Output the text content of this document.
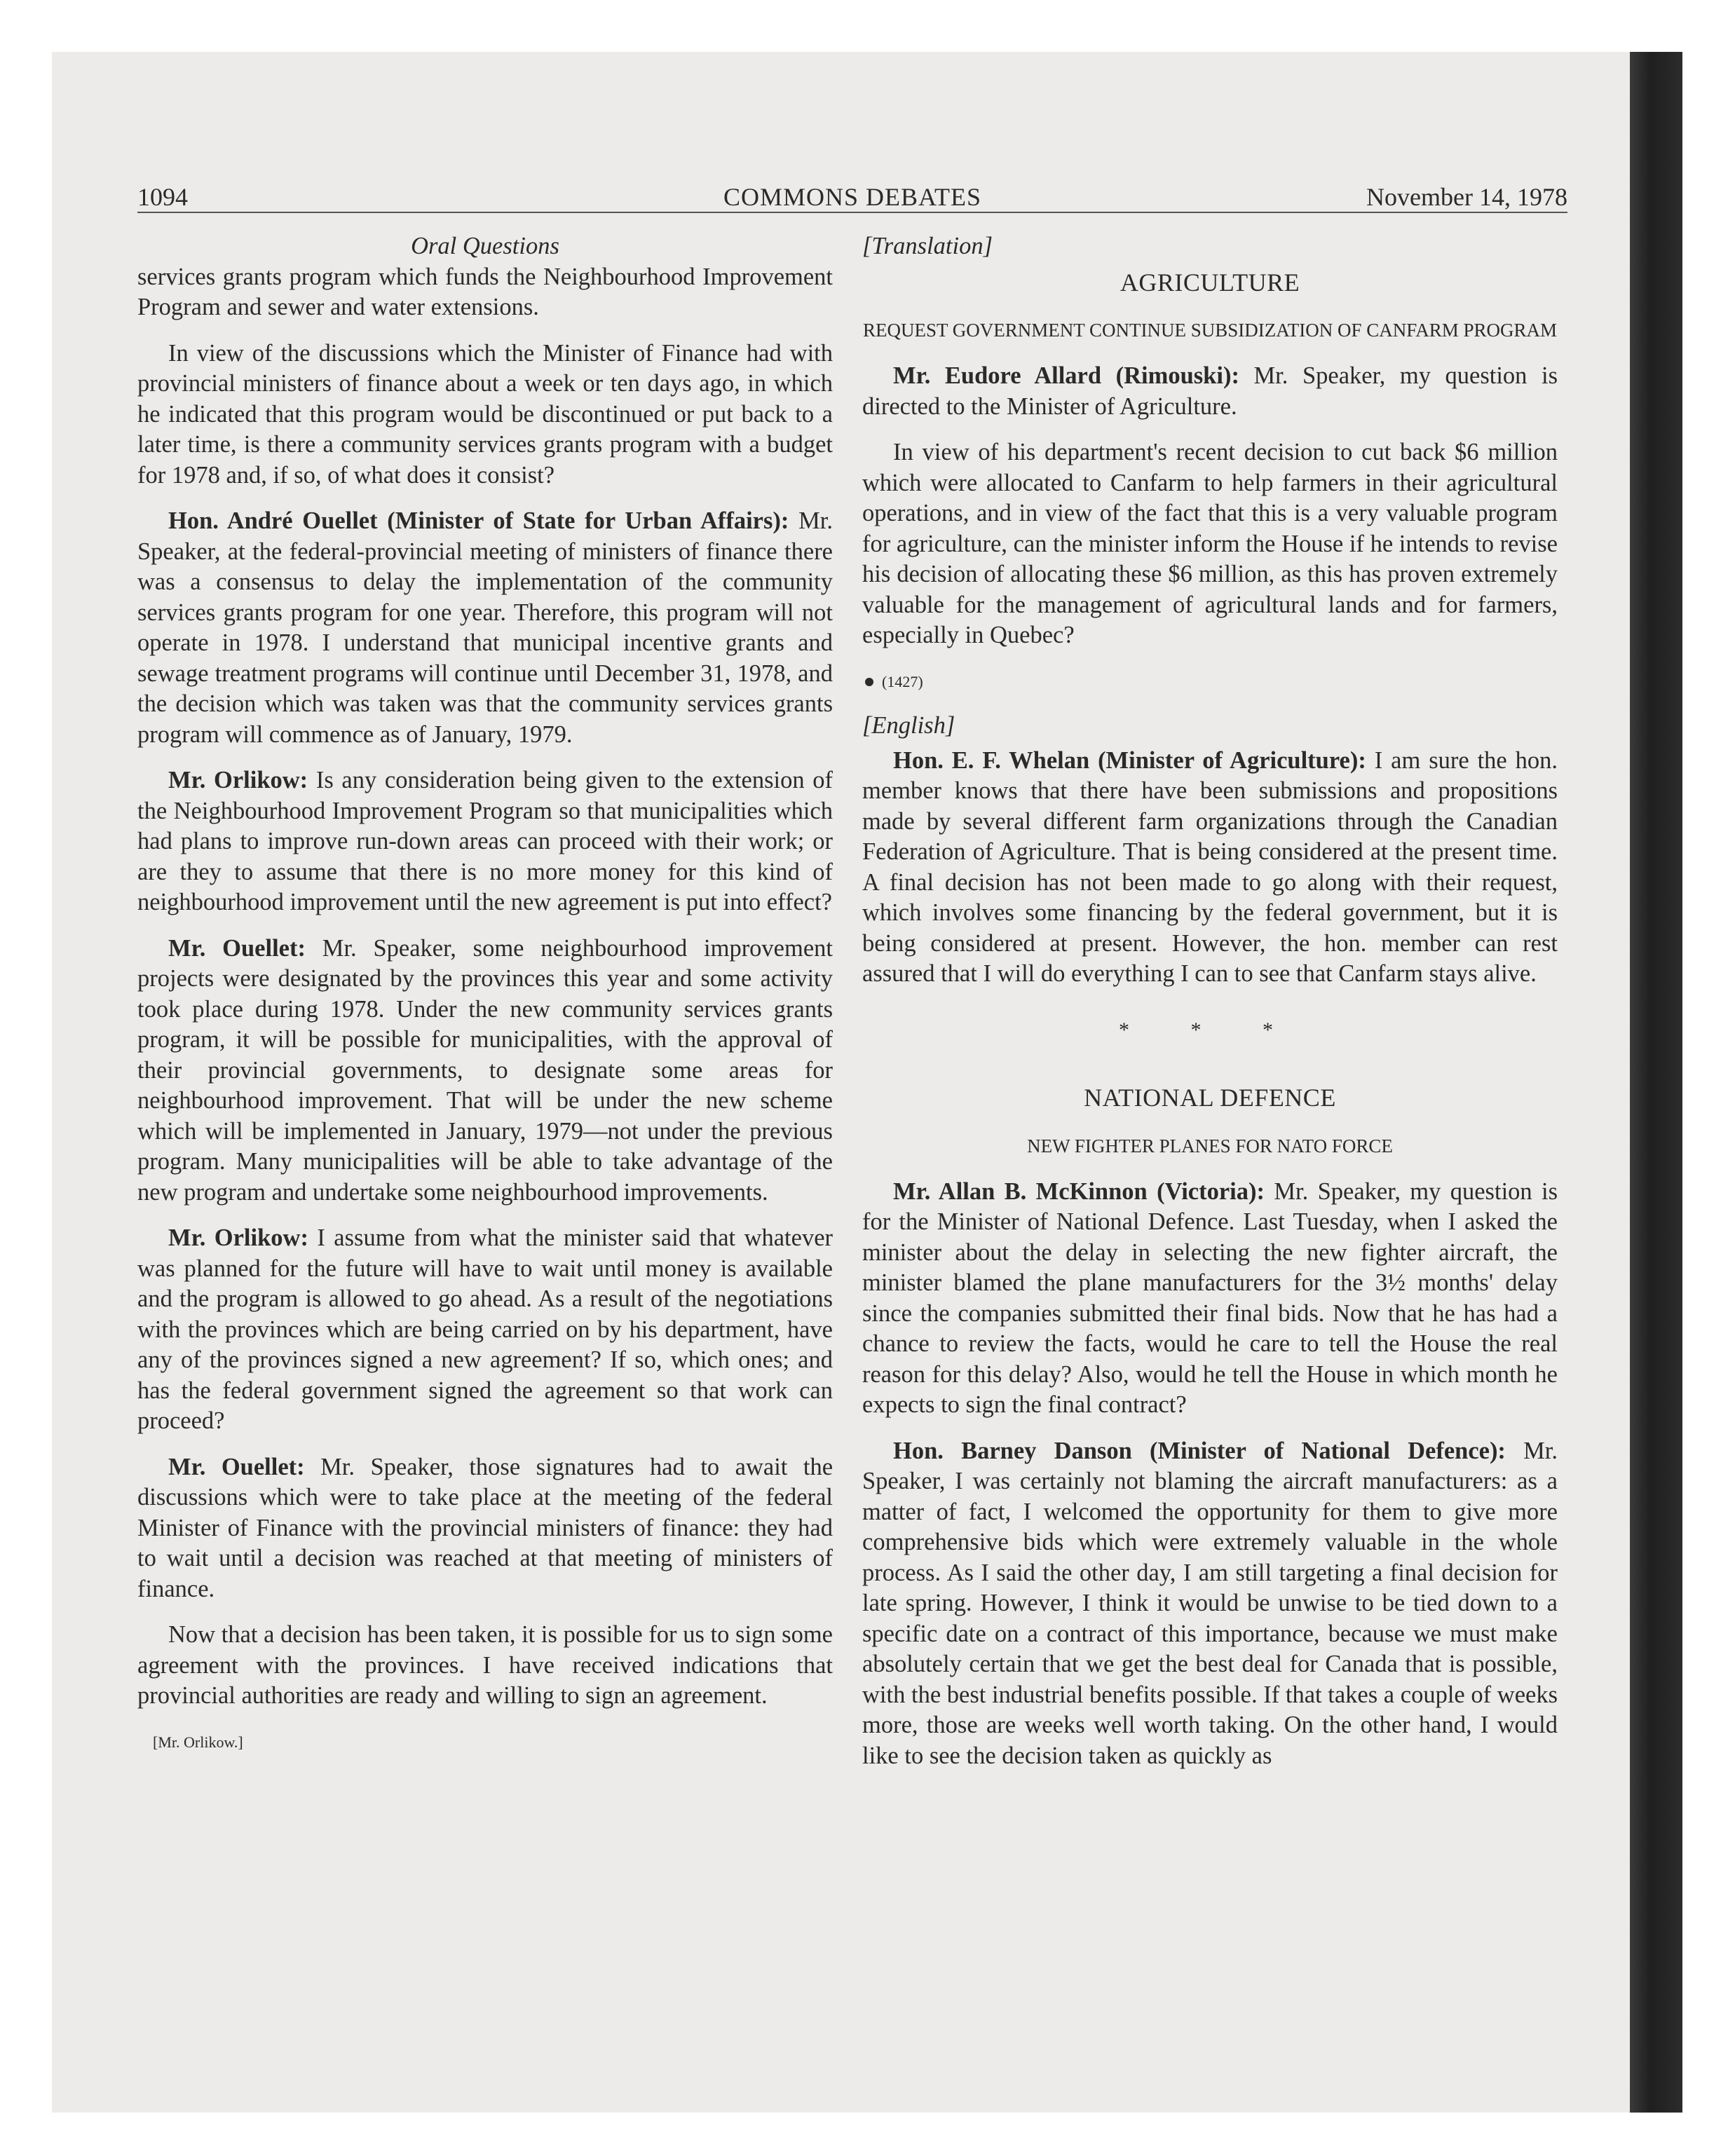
1094	COMMONS DEBATES	November 14, 1978
Oral Questions

services grants program which funds the Neighbourhood Improvement Program and sewer and water extensions.

In view of the discussions which the Minister of Finance had with provincial ministers of finance about a week or ten days ago, in which he indicated that this program would be discontinued or put back to a later time, is there a community services grants program with a budget for 1978 and, if so, of what does it consist?

Hon. André Ouellet (Minister of State for Urban Affairs): Mr. Speaker, at the federal-provincial meeting of ministers of finance there was a consensus to delay the implementation of the community services grants program for one year. Therefore, this program will not operate in 1978. I understand that municipal incentive grants and sewage treatment programs will continue until December 31, 1978, and the decision which was taken was that the community services grants program will commence as of January, 1979.

Mr. Orlikow: Is any consideration being given to the extension of the Neighbourhood Improvement Program so that municipalities which had plans to improve run-down areas can proceed with their work; or are they to assume that there is no more money for this kind of neighbourhood improvement until the new agreement is put into effect?

Mr. Ouellet: Mr. Speaker, some neighbourhood improvement projects were designated by the provinces this year and some activity took place during 1978. Under the new community services grants program, it will be possible for municipalities, with the approval of their provincial governments, to designate some areas for neighbourhood improvement. That will be under the new scheme which will be implemented in January, 1979—not under the previous program. Many municipalities will be able to take advantage of the new program and undertake some neighbourhood improvements.

Mr. Orlikow: I assume from what the minister said that whatever was planned for the future will have to wait until money is available and the program is allowed to go ahead. As a result of the negotiations with the provinces which are being carried on by his department, have any of the provinces signed a new agreement? If so, which ones; and has the federal government signed the agreement so that work can proceed?

Mr. Ouellet: Mr. Speaker, those signatures had to await the discussions which were to take place at the meeting of the federal Minister of Finance with the provincial ministers of finance: they had to wait until a decision was reached at that meeting of ministers of finance.

Now that a decision has been taken, it is possible for us to sign some agreement with the provinces. I have received indications that provincial authorities are ready and willing to sign an agreement.

[Mr. Orlikow.]
[Translation]
AGRICULTURE
REQUEST GOVERNMENT CONTINUE SUBSIDIZATION OF CANFARM PROGRAM

Mr. Eudore Allard (Rimouski): Mr. Speaker, my question is directed to the Minister of Agriculture.

In view of his department's recent decision to cut back $6 million which were allocated to Canfarm to help farmers in their agricultural operations, and in view of the fact that this is a very valuable program for agriculture, can the minister inform the House if he intends to revise his decision of allocating these $6 million, as this has proven extremely valuable for the management of agricultural lands and for farmers, especially in Quebec?

(1427)
[English]

Hon. E. F. Whelan (Minister of Agriculture): I am sure the hon. member knows that there have been submissions and propositions made by several different farm organizations through the Canadian Federation of Agriculture. That is being considered at the present time. A final decision has not been made to go along with their request, which involves some financing by the federal government, but it is being considered at present. However, the hon. member can rest assured that I will do everything I can to see that Canfarm stays alive.

* * *
NATIONAL DEFENCE
NEW FIGHTER PLANES FOR NATO FORCE

Mr. Allan B. McKinnon (Victoria): Mr. Speaker, my question is for the Minister of National Defence. Last Tuesday, when I asked the minister about the delay in selecting the new fighter aircraft, the minister blamed the plane manufacturers for the 3½ months' delay since the companies submitted their final bids. Now that he has had a chance to review the facts, would he care to tell the House the real reason for this delay? Also, would he tell the House in which month he expects to sign the final contract?

Hon. Barney Danson (Minister of National Defence): Mr. Speaker, I was certainly not blaming the aircraft manufacturers: as a matter of fact, I welcomed the opportunity for them to give more comprehensive bids which were extremely valuable in the whole process. As I said the other day, I am still targeting a final decision for late spring. However, I think it would be unwise to be tied down to a specific date on a contract of this importance, because we must make absolutely certain that we get the best deal for Canada that is possible, with the best industrial benefits possible. If that takes a couple of weeks more, those are weeks well worth taking. On the other hand, I would like to see the decision taken as quickly as
